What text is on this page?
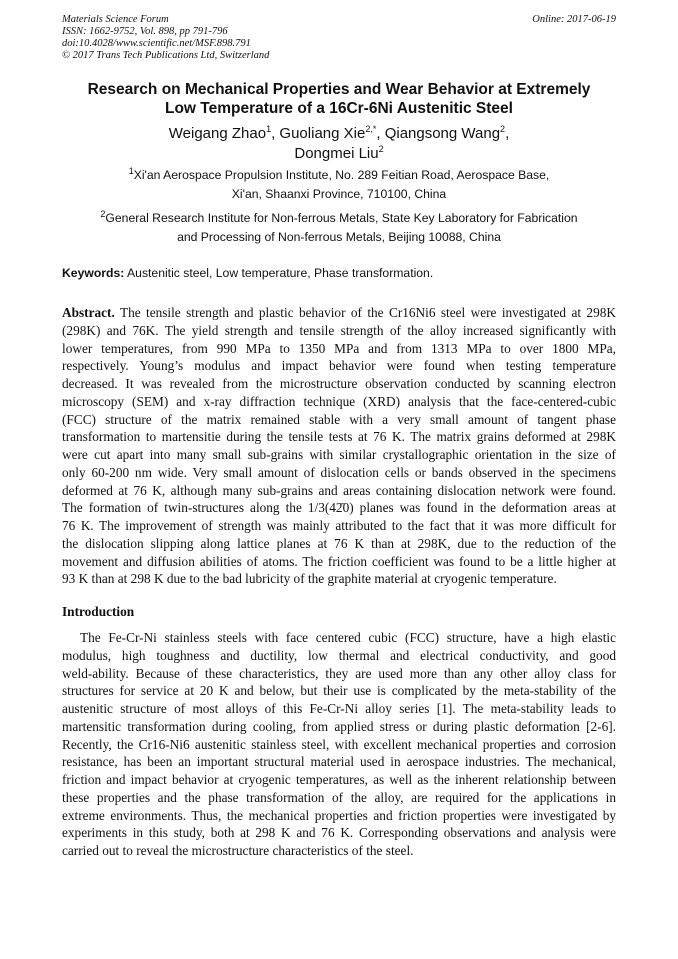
Materials Science Forum
ISSN: 1662-9752, Vol. 898, pp 791-796
doi:10.4028/www.scientific.net/MSF.898.791
© 2017 Trans Tech Publications Ltd, Switzerland
Online: 2017-06-19
Research on Mechanical Properties and Wear Behavior at Extremely
Low Temperature of a 16Cr-6Ni Austenitic Steel
Weigang Zhao$^1$, Guoliang Xie$^{2,*}$, Qiangsong Wang$^2$,
Dongmei Liu$^2$
$^1$Xi'an Aerospace Propulsion Institute, No. 289 Feitian Road, Aerospace Base,
Xi'an, Shaanxi Province, 710100, China
$^2$General Research Institute for Non-ferrous Metals, State Key Laboratory for Fabrication
and Processing of Non-ferrous Metals, Beijing 10088, China
Keywords: Austenitic steel, Low temperature, Phase transformation.
Abstract. The tensile strength and plastic behavior of the Cr16Ni6 steel were investigated at 298K
(298K) and 76K. The yield strength and tensile strength of the alloy increased significantly with
lower temperatures, from 990 MPa to 1350 MPa and from 1313 MPa to over 1800 MPa,
respectively. Young’s modulus and impact behavior were found when testing temperature
decreased. It was revealed from the microstructure observation conducted by scanning electron
microscopy (SEM) and x-ray diffraction technique (XRD) analysis that the face-centered-cubic
(FCC) structure of the matrix remained stable with a very small amount of tangent phase
transformation to martensitie during the tensile tests at 76 K. The matrix grains deformed at 298K
were cut apart into many small sub-grains with similar crystallographic orientation in the size of
only 60-200 nm wide. Very small amount of dislocation cells or bands observed in the specimens
deformed at 76 K, although many sub-grains and areas containing dislocation network were found.
The formation of twin-structures along the 1/3(42̄0) planes was found in the deformation areas at
76 K. The improvement of strength was mainly attributed to the fact that it was more difficult for
the dislocation slipping along lattice planes at 76 K than at 298K, due to the reduction of the
movement and diffusion abilities of atoms. The friction coefficient was found to be a little higher at
93 K than at 298 K due to the bad lubricity of the graphite material at cryogenic temperature.
Introduction
The Fe-Cr-Ni stainless steels with face centered cubic (FCC) structure, have a high elastic
modulus, high toughness and ductility, low thermal and electrical conductivity, and good
weld-ability. Because of these characteristics, they are used more than any other alloy class for
structures for service at 20 K and below, but their use is complicated by the meta-stability of the
austenitic structure of most alloys of this Fe-Cr-Ni alloy series [1]. The meta-stability leads to
martensitic transformation during cooling, from applied stress or during plastic deformation [2-6].
Recently, the Cr16-Ni6 austenitic stainless steel, with excellent mechanical properties and corrosion
resistance, has been an important structural material used in aerospace industries. The mechanical,
friction and impact behavior at cryogenic temperatures, as well as the inherent relationship between
these properties and the phase transformation of the alloy, are required for the applications in
extreme environments. Thus, the mechanical properties and friction properties were investigated by
experiments in this study, both at 298 K and 76 K. Corresponding observations and analysis were
carried out to reveal the microstructure characteristics of the steel.
